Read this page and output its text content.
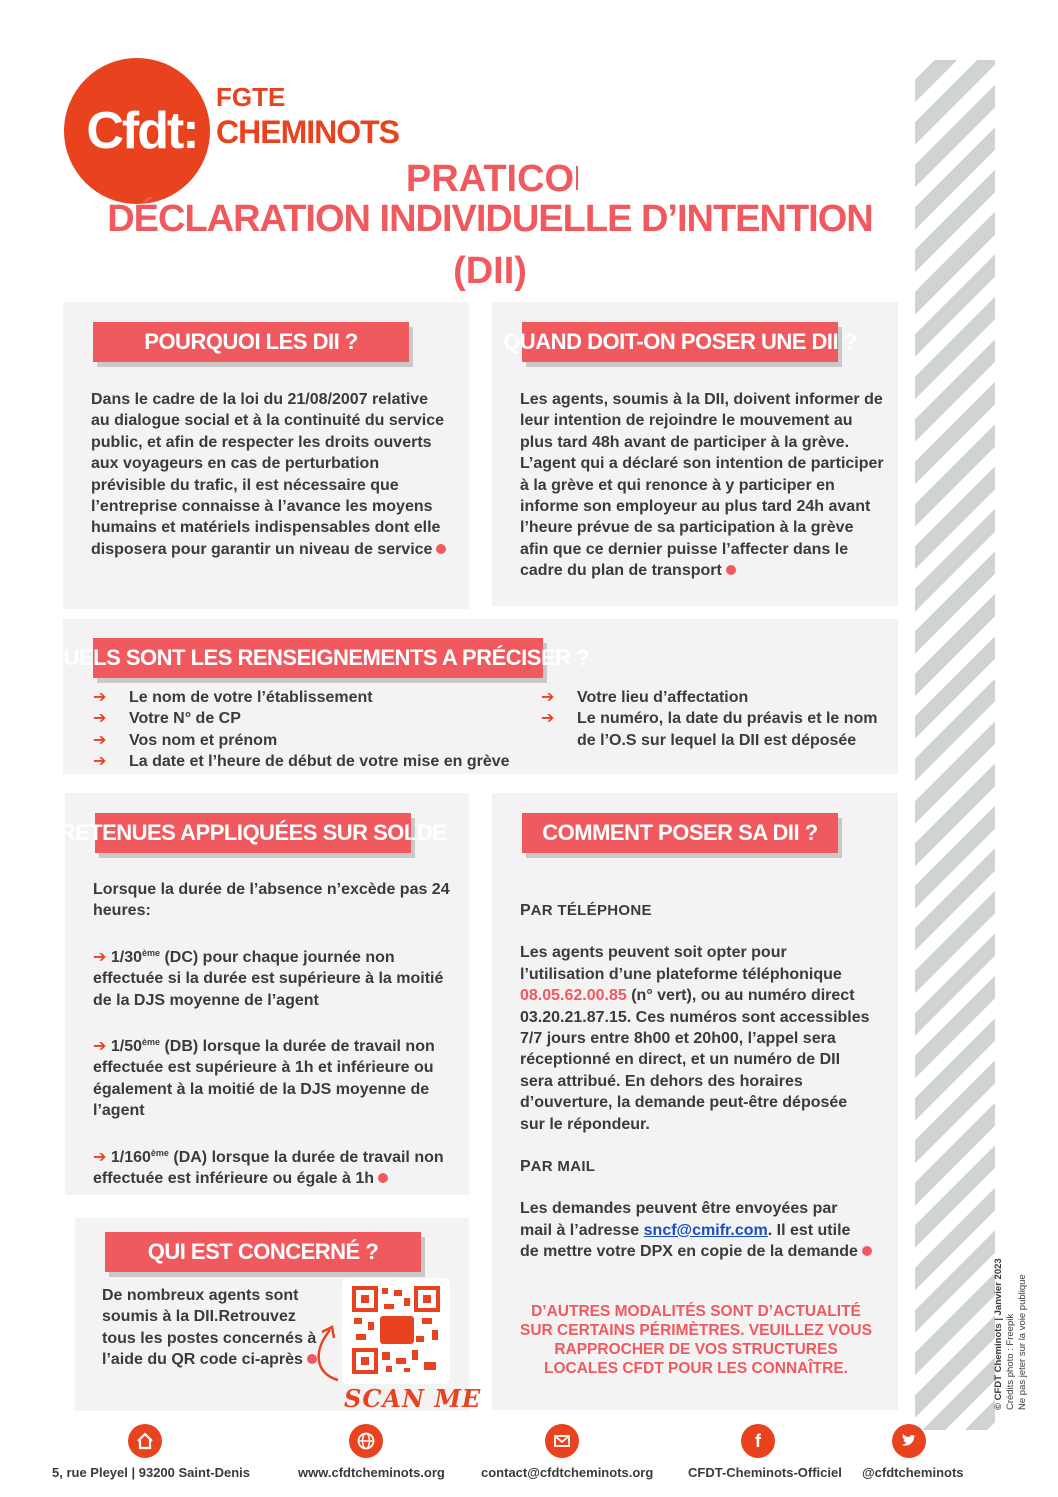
Cfdt:
FGTE
CHEMINOTS
PRATICO
DÉCLARATION INDIVIDUELLE D’INTENTION
(DII)
POURQUOI LES DII ?
Dans le cadre de la loi du 21/08/2007 relative au dialogue social et à la continuité du service public, et afin de respecter les droits ouverts aux voyageurs en cas de perturbation prévisible du trafic, il est nécessaire que l’entreprise connaisse à l’avance les moyens humains et matériels indispensables dont elle disposera pour garantir un niveau de service
QUAND DOIT-ON POSER UNE DII ?
Les agents, soumis à la DII, doivent informer de leur intention de rejoindre le mouvement au plus tard 48h avant de participer à la grève. L’agent qui a déclaré son intention de participer à la grève et qui renonce à y participer en informe son employeur au plus tard 24h avant l’heure prévue de sa participation à la grève afin que ce dernier puisse l’affecter dans le cadre du plan de transport
QUELS SONT LES RENSEIGNEMENTS A PRÉCISER ?
➔ Le nom de votre l’établissement
➔ Votre N° de CP
➔ Vos nom et prénom
➔ La date et l’heure de début de votre mise en grève
➔ Votre lieu d’affectation
➔ Le numéro, la date du préavis et le nom de l’O.S sur lequel la DII est déposée
RETENUES APPLIQUÉES SUR SOLDE
Lorsque la durée de l’absence n’excède pas 24 heures:
➔ 1/30ème (DC) pour chaque journée non effectuée si la durée est supérieure à la moitié de la DJS moyenne de l’agent
➔ 1/50ème (DB) lorsque la durée de travail non effectuée est supérieure à 1h et inférieure ou également à la moitié de la DJS moyenne de l’agent
➔ 1/160ème (DA) lorsque la durée de travail non effectuée est inférieure ou égale à 1h
QUI EST CONCERNÉ ?
De nombreux agents sont soumis à la DII.Retrouvez tous les postes concernés à l’aide du QR code ci-après
SCAN ME
COMMENT POSER SA DII ?
PAR TÉLÉPHONE
Les agents peuvent soit opter pour l’utilisation d’une plateforme téléphonique 08.05.62.00.85 (n° vert), ou au numéro direct 03.20.21.87.15. Ces numéros sont accessibles 7/7 jours entre 8h00 et 20h00, l’appel sera réceptionné en direct, et un numéro de DII sera attribué. En dehors des horaires d’ouverture, la demande peut-être déposée sur le répondeur.
PAR MAIL
Les demandes peuvent être envoyées par mail à l’adresse sncf@cmifr.com. Il est utile de mettre votre DPX en copie de la demande
D’AUTRES MODALITÉS SONT D’ACTUALITÉ SUR CERTAINS PÉRIMÈTRES. VEUILLEZ VOUS RAPPROCHER DE VOS STRUCTURES LOCALES CFDT POUR LES CONNAÎTRE.
f
5, rue Pleyel | 93200 Saint-Denis	www.cfdtcheminots.org	contact@cfdtcheminots.org	CFDT-Cheminots-Officiel @cfdtcheminots
© CFDT Cheminots | Janvier 2023 Crédits photo : Freepik Ne pas jeter sur la voie publique
